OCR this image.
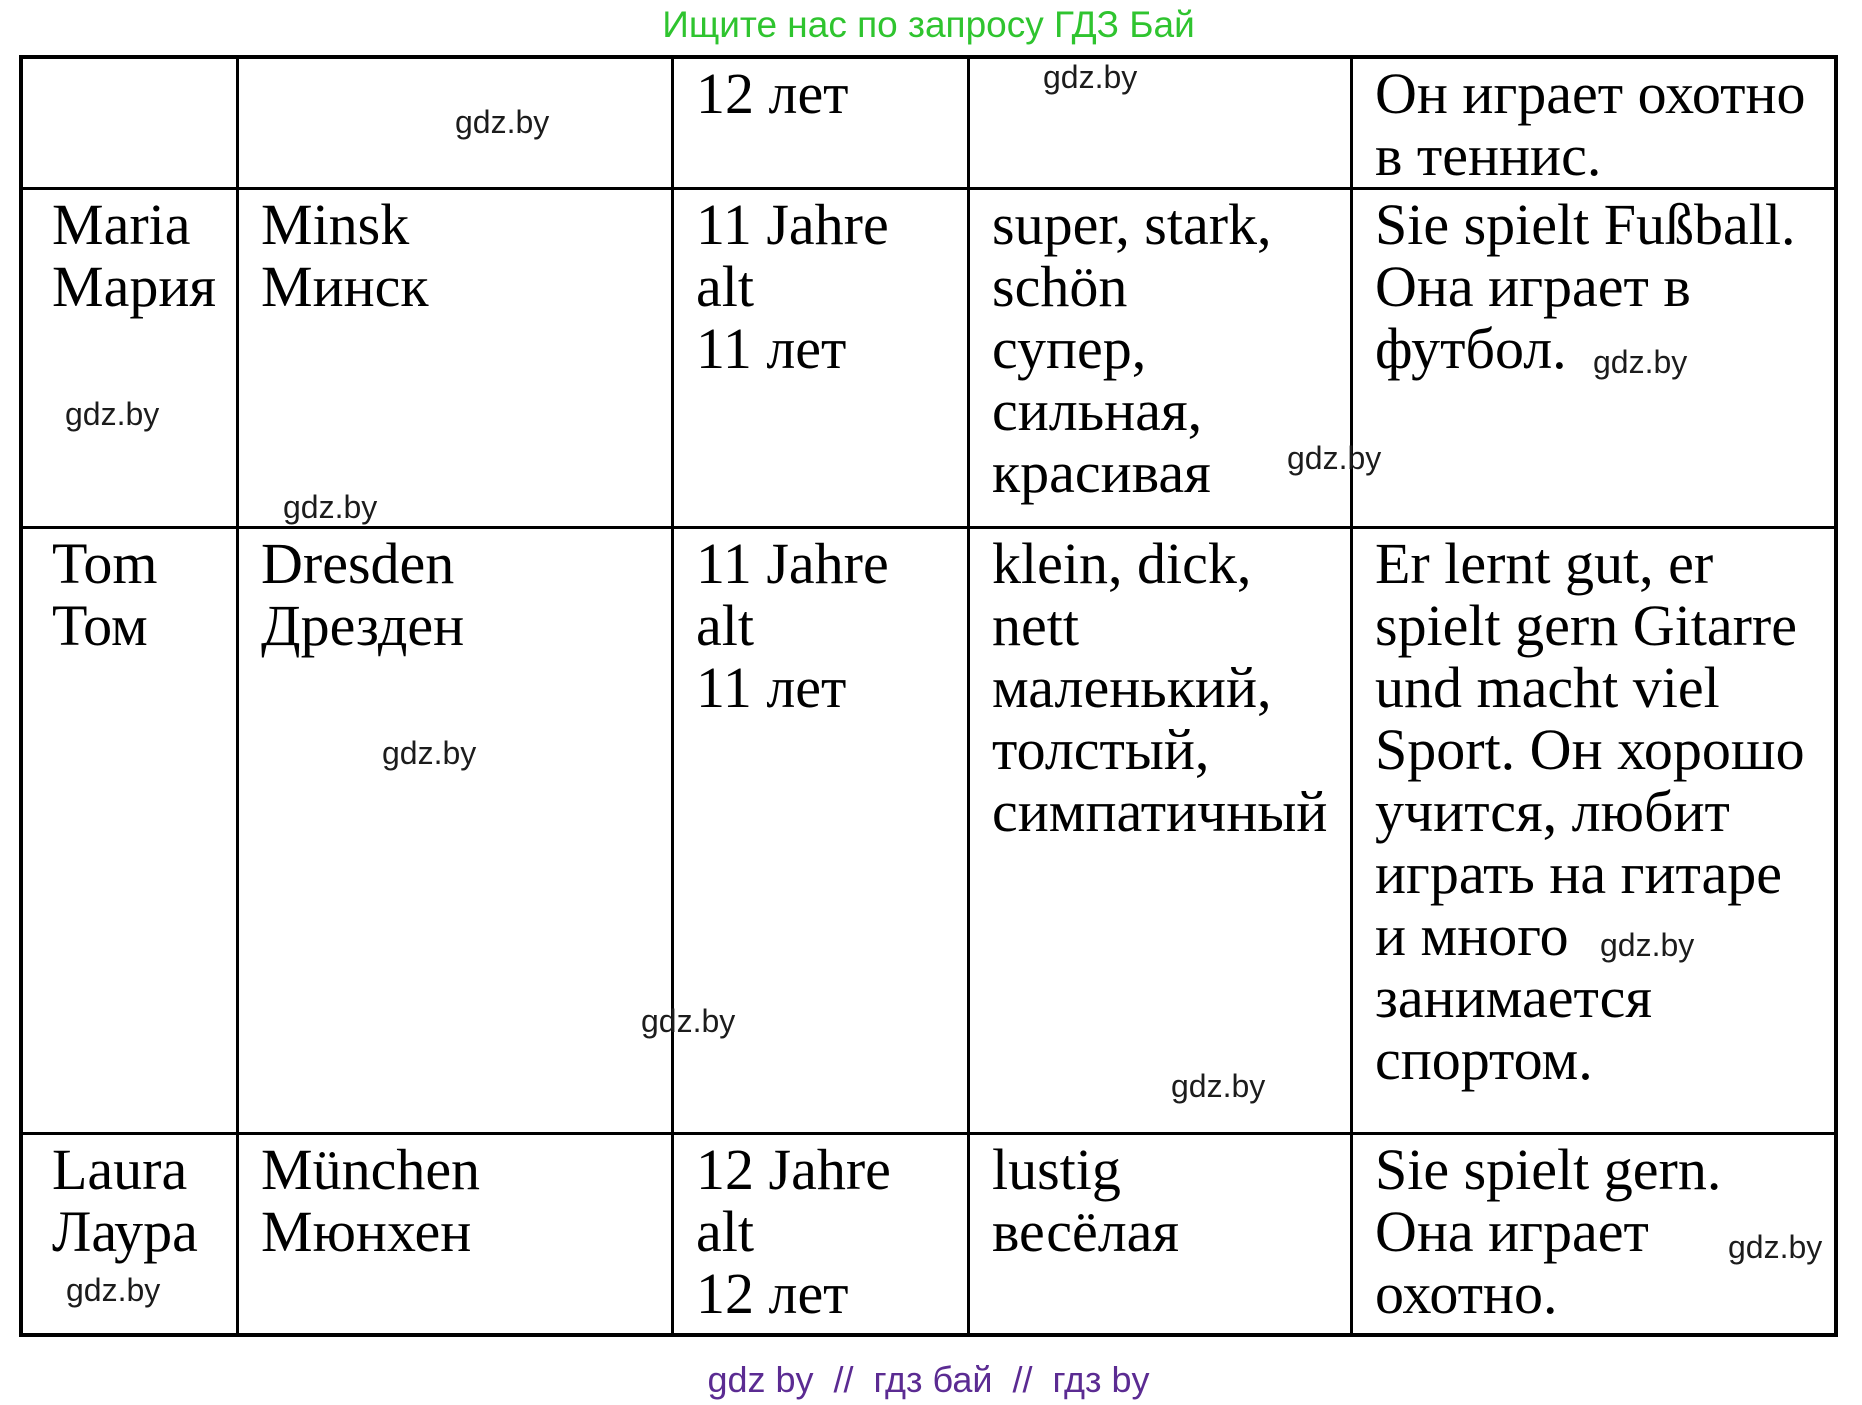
Ищите нас по запросу ГДЗ Бай
12 лет	Он играет охотно
в теннис.
Maria
Мария
Minsk
Минск
11 Jahre
alt
11 лет
super, stark,
schön
супер,
сильная,
красивая
Sie spielt Fußball.
Она играет в
футбол.
Tom
Том
Dresden
Дрезден
11 Jahre
alt
11 лет
klein, dick,
nett
маленький,
толстый,
симпатичный
Er lernt gut, er
spielt gern Gitarre
und macht viel
Sport. Он хорошо
учится, любит
играть на гитаре
и много
занимается
спортом.
Laura
Лаура
München
Мюнхен
12 Jahre
alt
12 лет
lustig
весёлая
Sie spielt gern.
Она играет
охотно.
gdz.by
gdz.by
gdz.by
gdz.by
gdz.by
gdz.by
gdz.by
gdz.by
gdz.by
gdz.by
gdz.by
gdz.by
gdz by  //  гдз бай  //  гдз by
